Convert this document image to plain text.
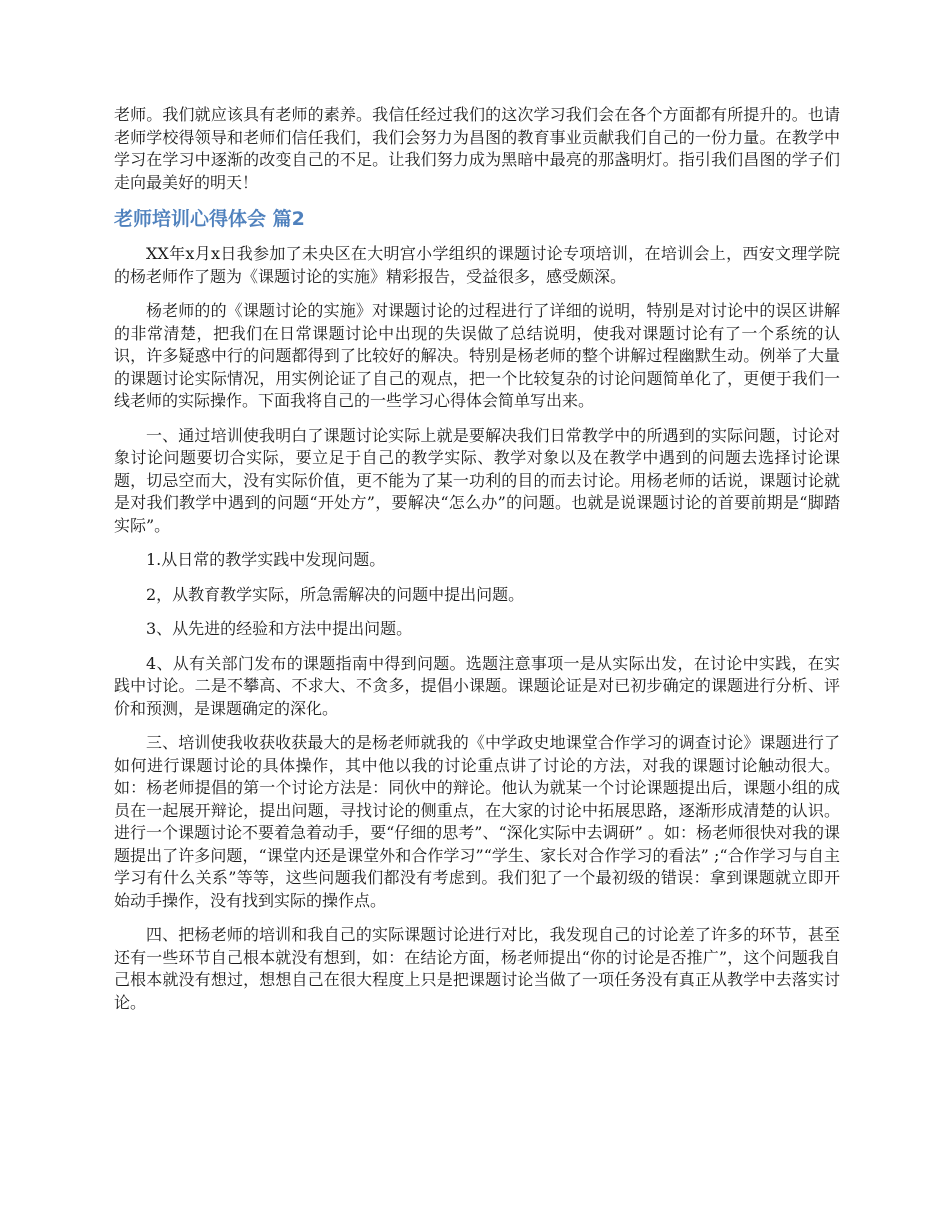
老师。我们就应该具有老师的素养。我信任经过我们的这次学习我们会在各个方面都有所提升的。也请老师学校得领导和老师们信任我们，我们会努力为昌图的教育事业贡献我们自己的一份力量。在教学中学习在学习中逐渐的改变自己的不足。让我们努力成为黑暗中最亮的那盏明灯。指引我们昌图的学子们走向最美好的明天！

老师培训心得体会 篇2

XX年x月x日我参加了未央区在大明宫小学组织的课题讨论专项培训，在培训会上，西安文理学院的杨老师作了题为《课题讨论的实施》精彩报告，受益很多，感受颇深。

杨老师的的《课题讨论的实施》对课题讨论的过程进行了详细的说明，特别是对讨论中的误区讲解的非常清楚，把我们在日常课题讨论中出现的失误做了总结说明，使我对课题讨论有了一个系统的认识，许多疑惑中行的问题都得到了比较好的解决。特别是杨老师的整个讲解过程幽默生动。例举了大量的课题讨论实际情况，用实例论证了自己的观点，把一个比较复杂的讨论问题简单化了，更便于我们一线老师的实际操作。下面我将自己的一些学习心得体会简单写出来。

一、通过培训使我明白了课题讨论实际上就是要解决我们日常教学中的所遇到的实际问题，讨论对象讨论问题要切合实际，要立足于自己的教学实际、教学对象以及在教学中遇到的问题去选择讨论课题，切忌空而大，没有实际价值，更不能为了某一功利的目的而去讨论。用杨老师的话说，课题讨论就是对我们教学中遇到的问题“开处方”，要解决“怎么办”的问题。也就是说课题讨论的首要前期是“脚踏实际”。

1.从日常的教学实践中发现问题。

2，从教育教学实际，所急需解决的问题中提出问题。

3、从先进的经验和方法中提出问题。

4、从有关部门发布的课题指南中得到问题。选题注意事项一是从实际出发，在讨论中实践，在实践中讨论。二是不攀高、不求大、不贪多，提倡小课题。课题论证是对已初步确定的课题进行分析、评价和预测，是课题确定的深化。

三、培训使我收获收获最大的是杨老师就我的《中学政史地课堂合作学习的调查讨论》课题进行了如何进行课题讨论的具体操作，其中他以我的讨论重点讲了讨论的方法，对我的课题讨论触动很大。如：杨老师提倡的第一个讨论方法是：同伙中的辩论。他认为就某一个讨论课题提出后，课题小组的成员在一起展开辩论，提出问题，寻找讨论的侧重点，在大家的讨论中拓展思路，逐渐形成清楚的认识。进行一个课题讨论不要着急着动手，要“仔细的思考”、“深化实际中去调研” 。如：杨老师很快对我的课题提出了许多问题，“课堂内还是课堂外和合作学习”“学生、家长对合作学习的看法” ;“合作学习与自主学习有什么关系”等等，这些问题我们都没有考虑到。我们犯了一个最初级的错误：拿到课题就立即开始动手操作，没有找到实际的操作点。

四、把杨老师的培训和我自己的实际课题讨论进行对比，我发现自己的讨论差了许多的环节，甚至还有一些环节自己根本就没有想到，如：在结论方面，杨老师提出“你的讨论是否推广”，这个问题我自己根本就没有想过，想想自己在很大程度上只是把课题讨论当做了一项任务没有真正从教学中去落实讨论。
